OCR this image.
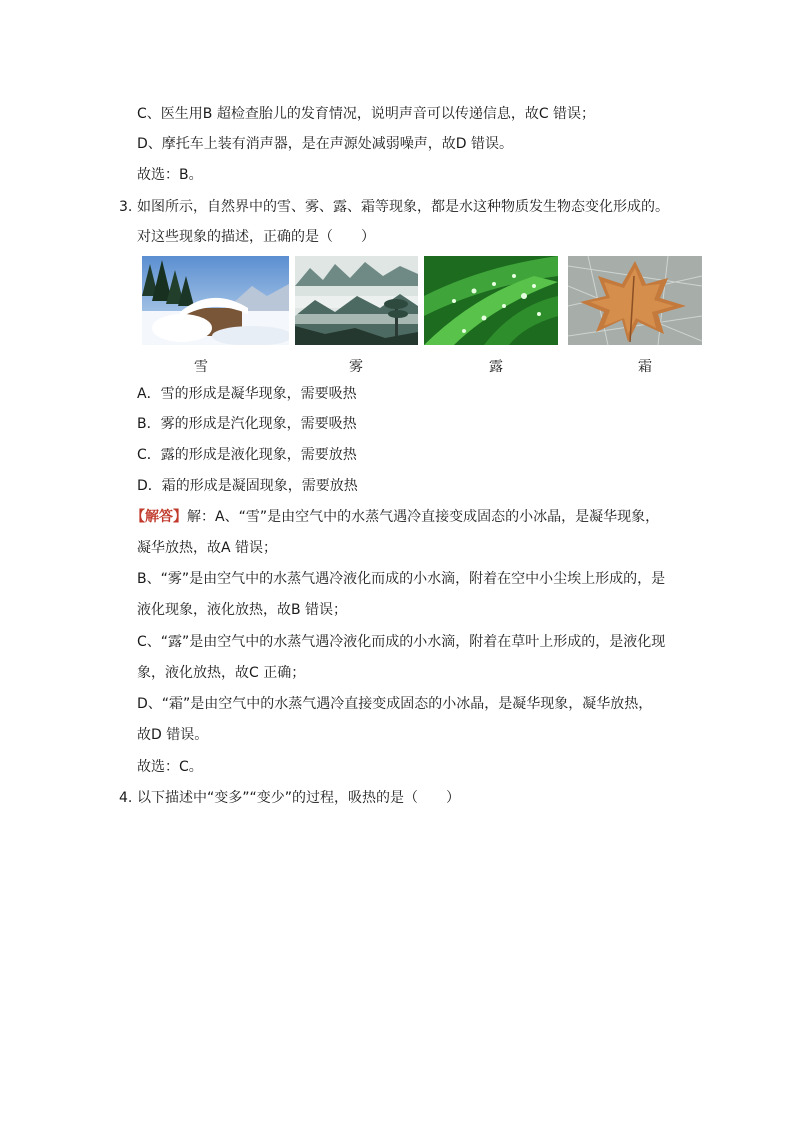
C、医生用B 超检查胎儿的发育情况，说明声音可以传递信息，故C 错误；
D、摩托车上装有消声器，是在声源处减弱噪声，故D 错误。
故选：B。
3. 如图所示，自然界中的雪、雾、露、霜等现象，都是水这种物质发生物态变化形成的。
对这些现象的描述，正确的是（　　）
雪	雾	露	霜
A．雪的形成是凝华现象，需要吸热
B．雾的形成是汽化现象，需要吸热
C．露的形成是液化现象，需要放热
D．霜的形成是凝固现象，需要放热
【解答】解：A、“雪”是由空气中的水蒸气遇冷直接变成固态的小冰晶，是凝华现象，
凝华放热，故A 错误；
B、“雾”是由空气中的水蒸气遇冷液化而成的小水滴，附着在空中小尘埃上形成的，是
液化现象，液化放热，故B 错误；
C、“露”是由空气中的水蒸气遇冷液化而成的小水滴，附着在草叶上形成的，是液化现
象，液化放热，故C 正确；
D、“霜”是由空气中的水蒸气遇冷直接变成固态的小冰晶，是凝华现象，凝华放热，
故D 错误。
故选：C。
4. 以下描述中“变多”“变少”的过程，吸热的是（　　）
